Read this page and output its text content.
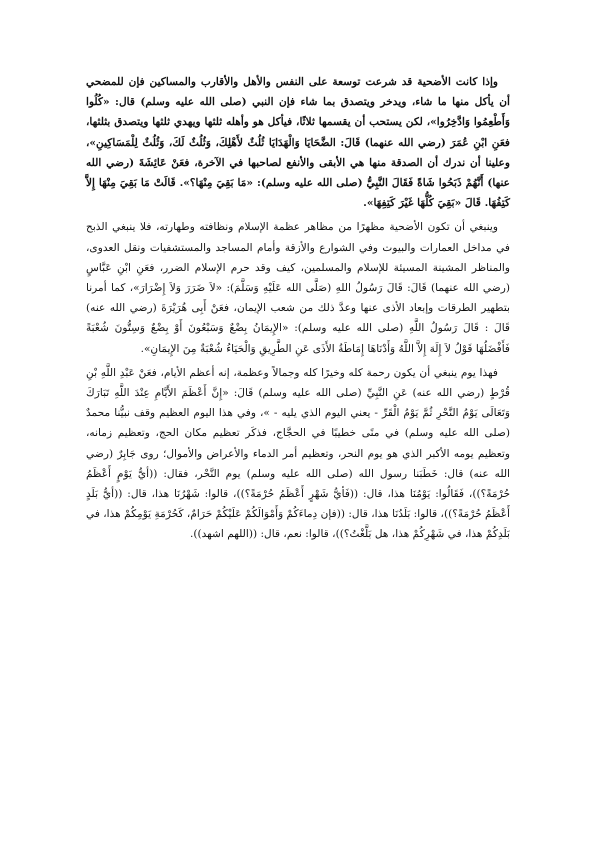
وإذا كانت الأضحية قد شرعت توسعة على النفس والأهل والأقارب والمساكين فإن للمضحي أن يأكل منها ما شاء، ويدخر ويتصدق بما شاء فإن النبي (صلى الله عليه وسلم) قال: «كُلُوا وَأَطْعِمُوا وَادَّخِرُوا»، لكن يستحب أن يقسمها ثلاثًا، فيأكل هو وأهله ثلثها ويهدي ثلثها ويتصدق بثلثها، فعَنِ ابْنِ عُمَرَ (رضي الله عنهما) قَالَ: الضَّحَايَا وَالْهَدَايَا ثُلُثٌ لأَهْلِكَ، وَثُلُثٌ لَكَ، وَثُلُثٌ لِلْمَسَاكِينِ»، وعلينا أن ندرك أن الصدقة منها هي الأبقى والأنفع لصاحبها في الآخرة، فعَنْ عَائِشَةَ (رضي الله عنها) أَنَّهُمْ ذَبَحُوا شَاةً فَقَالَ النَّبِيُّ (صلى الله عليه وسلم): «مَا بَقِيَ مِنْهَا؟». قَالَتْ مَا بَقِيَ مِنْهَا إِلاَّ كَتِفُهَا. قَالَ «بَقِيَ كُلُّهَا غَيْرَ كَتِفِهَا».

وينبغي أن تكون الأضحية مظهرًا من مظاهر عظمة الإسلام ونظافته وطهارته، فلا ينبغي الذبح في مداخل العمارات والبيوت وفي الشوارع والأزقة وأمام المساجد والمستشفيات ونقل العدوى، والمناظر المشينة المسيئة للإسلام والمسلمين، كيف وقد حرم الإسلام الضرر، فعَنِ ابْنِ عَبَّاسٍ (رضي الله عنهما) قَالَ: قَالَ رَسُولُ اللهِ (صَلَّى الله عَلَيْهِ وَسَلَّمَ): «لاَ ضَرَرَ وَلاَ إِضْرَارَ»، كما أمرنا بتطهير الطرقات وإبعاد الأذى عنها وعدَّ ذلك من شعب الإيمان، فعَنْ أَبِى هُرَيْرَةَ (رضي الله عنه) قَالَ : قَالَ رَسُولُ اللَّهِ (صلى الله عليه وسلم): «الإِيمَانُ بِضْعٌ وَسَبْعُونَ أَوْ بِضْعٌ وَسِتُّونَ شُعْبَةً فَأَفْضَلُهَا قَوْلُ لاَ إِلَهَ إِلاَّ اللَّهُ وَأَدْنَاهَا إِمَاطَةُ الأَذَى عَنِ الطَّرِيقِ وَالْحَيَاءُ شُعْبَةٌ مِنَ الإِيمَانِ».

فهذا يوم ينبغي أن يكون رحمة كله وخيرًا كله وجمالاً وعظمة، إنه أعظم الأيام، فعَنْ عَبْدِ اللَّهِ بْنِ قُرْطٍ (رضي الله عنه) عَنِ النَّبِيِّ (صلى الله عليه وسلم) قَالَ: «إِنَّ أَعْظَمَ الأَيَّامِ عِنْدَ اللَّهِ تَبَارَكَ وَتَعَالَى يَوْمُ النَّحْرِ ثُمَّ يَوْمُ الْقَرِّ - يعني اليوم الذي يليه - »، وفي هذا اليوم العظيم وقف نبيُّنا محمدٌ (صلى الله عليه وسلم) في منًى خطيبًا في الحجَّاج، فذكَر تعظيم مكان الحج، وتعظيم زمانه، وتعظيم يومه الأكبر الذي هو يوم النحر، وتعظيم أمر الدماء والأعراض والأموال؛ روى جَابِرٌ (رضي الله عنه) قال: خَطَبَنا رسول الله (صلى الله عليه وسلم) يوم النَّحْر، فقال: ((أيُّ يَوْمٍ أَعْظَمُ حُرْمَةً؟))، فَقَالُوا: يَوْمُنَا هذا، قال: ((فَأيُّ شَهْرٍ أَعْظَمُ حُرْمَةً؟))، قالوا: شَهْرُنَا هذا، قال: ((أيُّ بَلَدٍ أَعْظَمُ حُرْمَةً؟))، قالوا: بَلَدُنَا هذا، قال: ((فإن دِماءَكُمْ وَأَمْوَالَكُمْ عَلَيْكُمْ حَرَامٌ، كَحُرْمَةِ يَوْمِكُمْ هذا، في بَلَدِكُمْ هذا، في شَهْرِكُمْ هذا، هل بَلَّغْتُ؟))، قالوا: نعم، قال: ((اللهم اشهد)).
